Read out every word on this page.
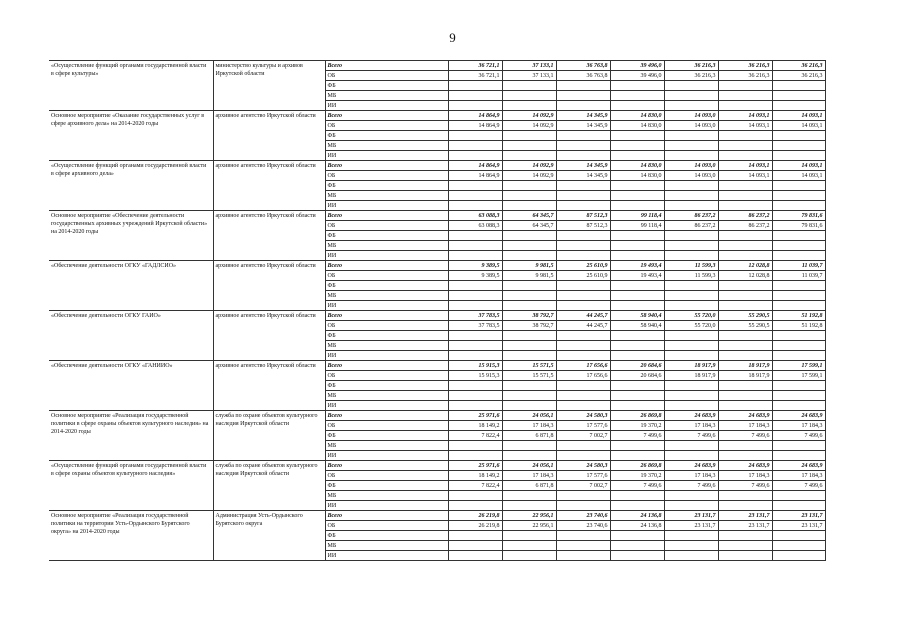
9
«Осуществление функций органами государственной власти в сфере культуры»	министерство культуры и архивов Иркутской области	Всего	36 721,1	37 133,1	36 763,8	39 496,0	36 216,3	36 216,3	36 216,3
		ОБ	36 721,1	37 133,1	36 763,8	39 496,0	36 216,3	36 216,3	36 216,3
		ФБ							
		МБ							
		ИИ							
Основное мероприятие «Оказание государственных услуг в сфере архивного дела» на 2014-2020 годы	архивное агентство Иркутской области	Всего	14 864,9	14 092,9	14 345,9	14 830,0	14 093,0	14 093,1	14 093,1
		ОБ	14 864,9	14 092,9	14 345,9	14 830,0	14 093,0	14 093,1	14 093,1
		ФБ							
		МБ							
		ИИ							
«Осуществление функций органами государственной власти в сфере архивного дела»	архивное агентство Иркутской области	Всего	14 864,9	14 092,9	14 345,9	14 830,0	14 093,0	14 093,1	14 093,1
		ОБ	14 864,9	14 092,9	14 345,9	14 830,0	14 093,0	14 093,1	14 093,1
		ФБ							
		МБ							
		ИИ							
Основное мероприятие «Обеспечение деятельности государственных архивных учреждений Иркутской области» на 2014-2020 годы	архивное агентство Иркутской области	Всего	63 088,3	64 345,7	87 512,3	99 118,4	86 237,2	86 237,2	79 831,6
		ОБ	63 088,3	64 345,7	87 512,3	99 118,4	86 237,2	86 237,2	79 831,6
		ФБ							
		МБ							
		ИИ							
«Обеспечение деятельности ОГКУ «ГАДЛСИО»	архивное агентство Иркутской области	Всего	9 389,5	9 981,5	25 610,9	19 493,4	11 599,3	12 028,8	11 039,7
		ОБ	9 389,5	9 981,5	25 610,9	19 493,4	11 599,3	12 028,8	11 039,7
		ФБ							
		МБ							
		ИИ							
«Обеспечение деятельности ОГКУ ГАИО»	архивное агентство Иркутской области	Всего	37 783,5	38 792,7	44 245,7	58 940,4	55 720,0	55 290,5	51 192,8
		ОБ	37 783,5	38 792,7	44 245,7	58 940,4	55 720,0	55 290,5	51 192,8
		ФБ							
		МБ							
		ИИ							
«Обеспечение деятельности ОГКУ «ГАНИИО»	архивное агентство Иркутской области	Всего	15 915,3	15 571,5	17 656,6	20 684,6	18 917,9	18 917,9	17 599,1
		ОБ	15 915,3	15 571,5	17 656,6	20 684,6	18 917,9	18 917,9	17 599,1
		ФБ							
		МБ							
		ИИ							
Основное мероприятие «Реализация государственной политики в сфере охраны объектов культурного наследия» на 2014-2020 годы	служба по охране объектов культурного наследия Иркутской области	Всего	25 971,6	24 056,1	24 580,3	26 869,8	24 683,9	24 683,9	24 683,9
		ОБ	18 149,2	17 184,3	17 577,6	19 370,2	17 184,3	17 184,3	17 184,3
		ФБ	7 822,4	6 871,8	7 002,7	7 499,6	7 499,6	7 499,6	7 499,6
		МБ							
		ИИ							
«Осуществление функций органами государственной власти в сфере охраны объектов культурного наследия»	служба по охране объектов культурного наследия Иркутской области	Всего	25 971,6	24 056,1	24 580,3	26 869,8	24 683,9	24 683,9	24 683,9
		ОБ	18 149,2	17 184,3	17 577,6	19 370,2	17 184,3	17 184,3	17 184,3
		ФБ	7 822,4	6 871,8	7 002,7	7 499,6	7 499,6	7 499,6	7 499,6
		МБ							
		ИИ							
Основное мероприятие «Реализация государственной политики на территории Усть-Ордынского Бурятского округа» на 2014-2020 годы	Администрация Усть-Ордынского Бурятского округа	Всего	26 219,8	22 956,1	23 740,6	24 136,8	23 131,7	23 131,7	23 131,7
		ОБ	26 219,8	22 956,1	23 740,6	24 136,8	23 131,7	23 131,7	23 131,7
		ФБ							
		МБ							
		ИИ							
